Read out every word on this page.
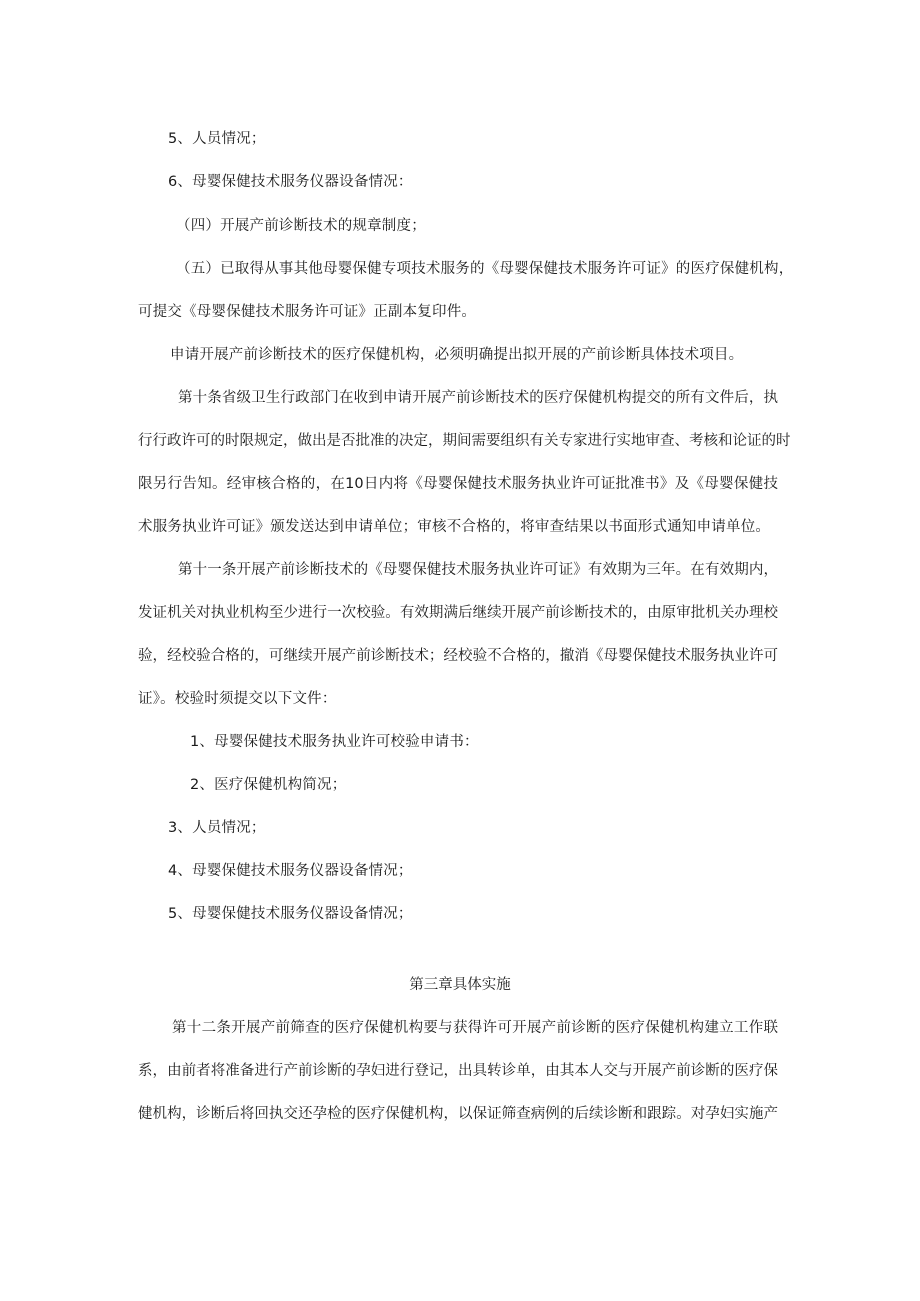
5、人员情况；
6、母婴保健技术服务仪器设备情况：
（四）开展产前诊断技术的规章制度；
（五）已取得从事其他母婴保健专项技术服务的《母婴保健技术服务许可证》的医疗保健机构，
可提交《母婴保健技术服务许可证》正副本复印件。
申请开展产前诊断技术的医疗保健机构，必须明确提出拟开展的产前诊断具体技术项目。
第十条省级卫生行政部门在收到申请开展产前诊断技术的医疗保健机构提交的所有文件后，执
行行政许可的时限规定，做出是否批准的决定，期间需要组织有关专家进行实地审查、考核和论证的时
限另行告知。经审核合格的，在10日内将《母婴保健技术服务执业许可证批准书》及《母婴保健技
术服务执业许可证》颁发送达到申请单位；审核不合格的，将审查结果以书面形式通知申请单位。
第十一条开展产前诊断技术的《母婴保健技术服务执业许可证》有效期为三年。在有效期内，
发证机关对执业机构至少进行一次校验。有效期满后继续开展产前诊断技术的，由原审批机关办理校
验，经校验合格的，可继续开展产前诊断技术；经校验不合格的，撤消《母婴保健技术服务执业许可
证》。校验时须提交以下文件：
1、母婴保健技术服务执业许可校验申请书：
2、医疗保健机构简况；
3、人员情况；
4、母婴保健技术服务仪器设备情况；
5、母婴保健技术服务仪器设备情况；
第三章具体实施
第十二条开展产前筛查的医疗保健机构要与获得许可开展产前诊断的医疗保健机构建立工作联
系，由前者将准备进行产前诊断的孕妇进行登记，出具转诊单，由其本人交与开展产前诊断的医疗保
健机构，诊断后将回执交还孕检的医疗保健机构，以保证筛查病例的后续诊断和跟踪。对孕妇实施产
